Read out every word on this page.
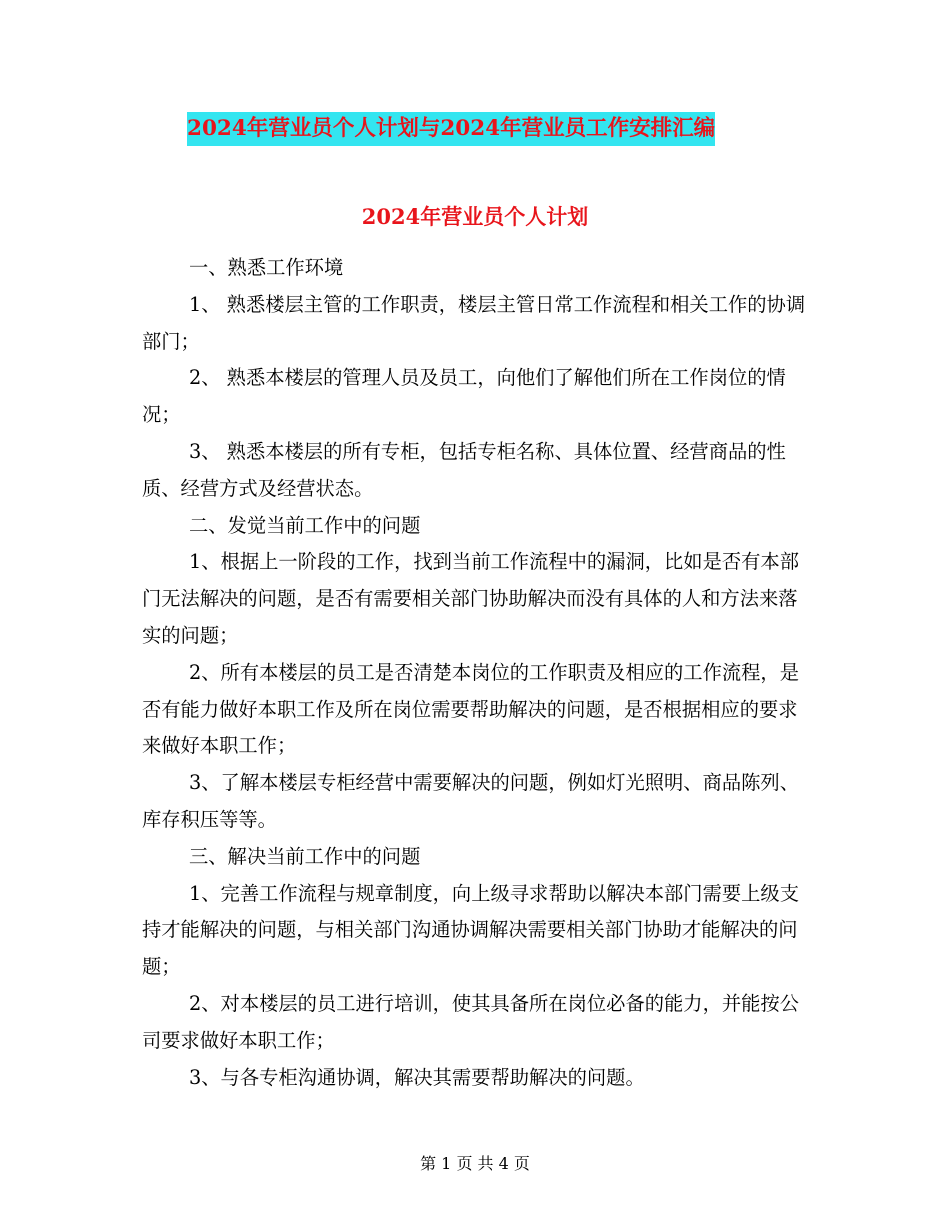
2024年营业员个人计划与2024年营业员工作安排汇编
2024年营业员个人计划

一、熟悉工作环境

1、 熟悉楼层主管的工作职责，楼层主管日常工作流程和相关工作的协调部门；

2、 熟悉本楼层的管理人员及员工，向他们了解他们所在工作岗位的情况；

3、 熟悉本楼层的所有专柜，包括专柜名称、具体位置、经营商品的性质、经营方式及经营状态。

二、发觉当前工作中的问题

1、根据上一阶段的工作，找到当前工作流程中的漏洞，比如是否有本部门无法解决的问题，是否有需要相关部门协助解决而没有具体的人和方法来落实的问题；

2、所有本楼层的员工是否清楚本岗位的工作职责及相应的工作流程，是否有能力做好本职工作及所在岗位需要帮助解决的问题，是否根据相应的要求来做好本职工作；

3、了解本楼层专柜经营中需要解决的问题，例如灯光照明、商品陈列、库存积压等等。

三、解决当前工作中的问题

1、完善工作流程与规章制度，向上级寻求帮助以解决本部门需要上级支持才能解决的问题，与相关部门沟通协调解决需要相关部门协助才能解决的问题；

2、对本楼层的员工进行培训，使其具备所在岗位必备的能力，并能按公司要求做好本职工作；

3、与各专柜沟通协调，解决其需要帮助解决的问题。

第 1 页 共 4 页
